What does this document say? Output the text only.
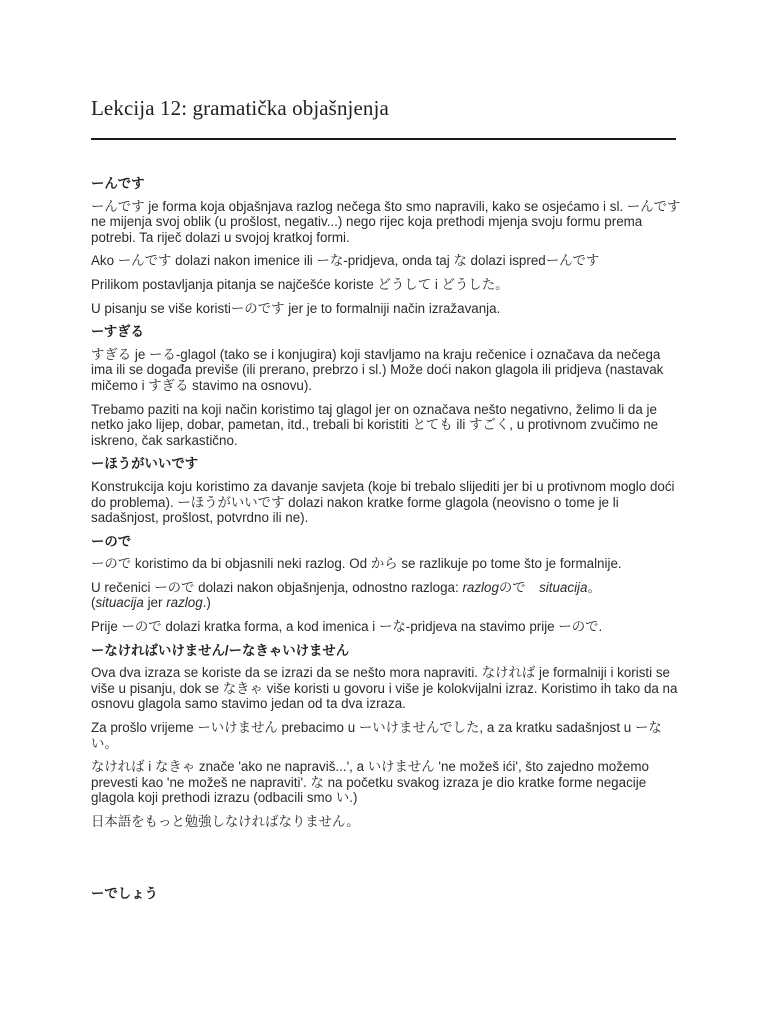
Lekcija 12: gramatička objašnjenja
ーんです
ーんです je forma koja objašnjava razlog nečega što smo napravili, kako se osjećamo i sl. ーんです ne mijenja svoj oblik (u prošlost, negativ...) nego rijec koja prethodi mjenja svoju formu prema potrebi. Ta riječ dolazi u svojoj kratkoj formi.
Ako ーんです dolazi nakon imenice ili ーな-pridjeva, onda taj な dolazi ispredーんです
Prilikom postavljanja pitanja se najčešće koriste どうして i どうした。
U pisanju se više koristiーのです jer je to formalniji način izražavanja.
ーすぎる
すぎる je ーる-glagol (tako se i konjugira) koji stavljamo na kraju rečenice i označava da nečega ima ili se događa previše (ili prerano, prebrzo i sl.) Može doći nakon glagola ili pridjeva (nastavak mičemo i すぎる stavimo na osnovu).
Trebamo paziti na koji način koristimo taj glagol jer on označava nešto negativno, želimo li da je netko jako lijep, dobar, pametan, itd., trebali bi koristiti とても ili すごく, u protivnom zvučimo ne iskreno, čak sarkastično.
ーほうがいいです
Konstrukcija koju koristimo za davanje savjeta (koje bi trebalo slijediti jer bi u protivnom moglo doći do problema). ーほうがいいです dolazi nakon kratke forme glagola (neovisno o tome je li sadašnjost, prošlost, potvrdno ili ne).
ーので
ーので koristimo da bi objasnili neki razlog. Od から se razlikuje po tome što je formalnije.
U rečenici ーので dolazi nakon objašnjenja, odnostno razloga: razlogので　situacija。
(situacija jer razlog.)
Prije ーので dolazi kratka forma, a kod imenica i ーな-pridjeva na stavimo prije ーので.
ーなければいけません/ーなきゃいけません
Ova dva izraza se koriste da se izrazi da se nešto mora napraviti. なければ je formalniji i koristi se više u pisanju, dok se なきゃ više koristi u govoru i više je kolokvijalni izraz. Koristimo ih tako da na osnovu glagola samo stavimo jedan od ta dva izraza.
Za prošlo vrijeme ーいけません prebacimo u ーいけませんでした, a za kratku sadašnjost u ーない。
なければ i なきゃ znače 'ako ne napraviš...', a いけません 'ne možeš ići', što zajedno možemo prevesti kao 'ne možeš ne napraviti'. な na početku svakog izraza je dio kratke forme negacije glagola koji prethodi izrazu (odbacili smo い.)
日本語をもっと勉強しなければなりません。
ーでしょう
